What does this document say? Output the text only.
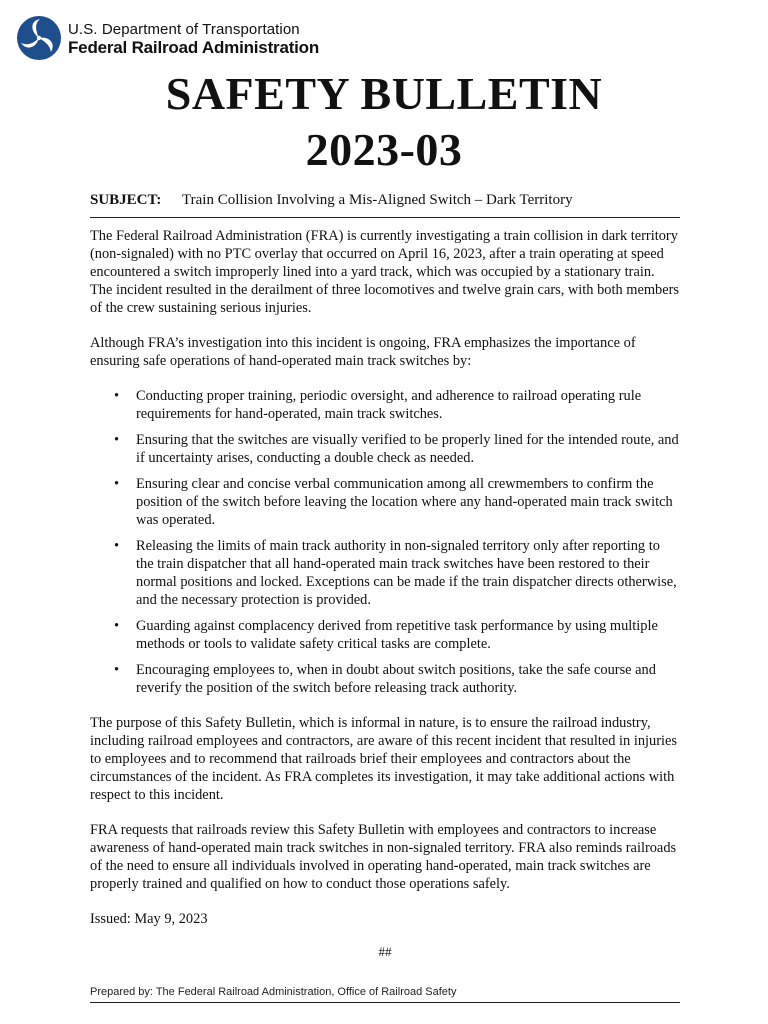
U.S. Department of Transportation
Federal Railroad Administration
SAFETY BULLETIN
2023-03
SUBJECT: Train Collision Involving a Mis-Aligned Switch – Dark Territory

The Federal Railroad Administration (FRA) is currently investigating a train collision in dark territory (non-signaled) with no PTC overlay that occurred on April 16, 2023, after a train operating at speed encountered a switch improperly lined into a yard track, which was occupied by a stationary train. The incident resulted in the derailment of three locomotives and twelve grain cars, with both members of the crew sustaining serious injuries.

Although FRA’s investigation into this incident is ongoing, FRA emphasizes the importance of ensuring safe operations of hand-operated main track switches by:

• Conducting proper training, periodic oversight, and adherence to railroad operating rule requirements for hand-operated, main track switches.
• Ensuring that the switches are visually verified to be properly lined for the intended route, and if uncertainty arises, conducting a double check as needed.
• Ensuring clear and concise verbal communication among all crewmembers to confirm the position of the switch before leaving the location where any hand-operated main track switch was operated.
• Releasing the limits of main track authority in non-signaled territory only after reporting to the train dispatcher that all hand-operated main track switches have been restored to their normal positions and locked. Exceptions can be made if the train dispatcher directs otherwise, and the necessary protection is provided.
• Guarding against complacency derived from repetitive task performance by using multiple methods or tools to validate safety critical tasks are complete.
• Encouraging employees to, when in doubt about switch positions, take the safe course and reverify the position of the switch before releasing track authority.

The purpose of this Safety Bulletin, which is informal in nature, is to ensure the railroad industry, including railroad employees and contractors, are aware of this recent incident that resulted in injuries to employees and to recommend that railroads brief their employees and contractors about the circumstances of the incident. As FRA completes its investigation, it may take additional actions with respect to this incident.

FRA requests that railroads review this Safety Bulletin with employees and contractors to increase awareness of hand-operated main track switches in non-signaled territory. FRA also reminds railroads of the need to ensure all individuals involved in operating hand-operated, main track switches are properly trained and qualified on how to conduct those operations safely.

Issued: May 9, 2023

##
Prepared by: The Federal Railroad Administration, Office of Railroad Safety
